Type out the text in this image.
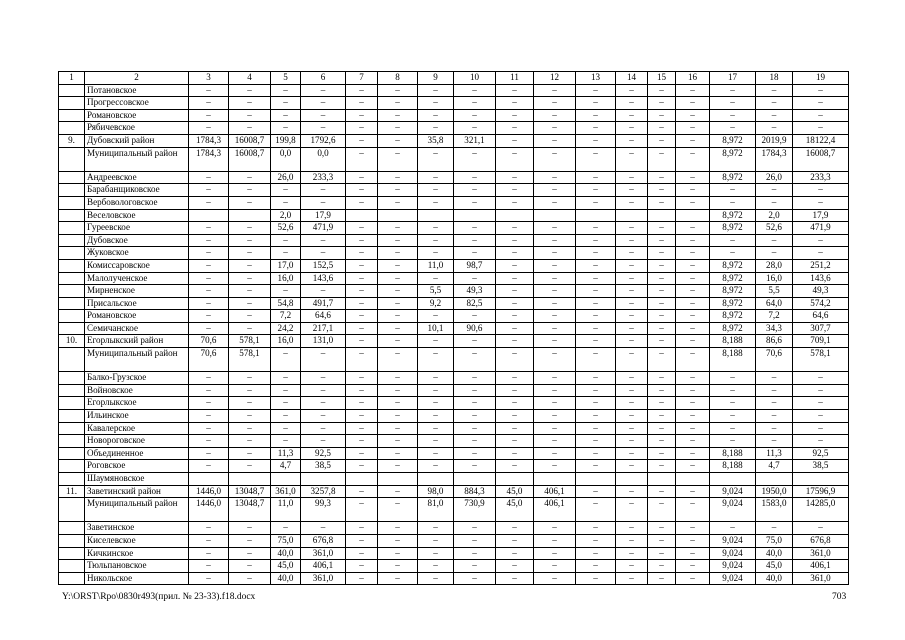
1	2	3	4	5	6	7	8	9	10	11	12	13	14	15	16	17	18	19
	Потановское	–	–	–	–	–	–	–	–	–	–	–	–	–	–	–	–	–
	Прогрессовское	–	–	–	–	–	–	–	–	–	–	–	–	–	–	–	–	–
	Романовское	–	–	–	–	–	–	–	–	–	–	–	–	–	–	–	–	–
	Рябичевское	–	–	–	–	–	–	–	–	–	–	–	–	–	–	–	–	–
9.	Дубовский район	1784,3	16008,7	199,8	1792,6	–	–	35,8	321,1	–	–	–	–	–	–	8,972	2019,9	18122,4
	Муниципальный район	1784,3	16008,7	0,0	0,0	–	–	–	–	–	–	–	–	–	–	8,972	1784,3	16008,7
	Андреевское	–	–	26,0	233,3	–	–	–	–	–	–	–	–	–	–	8,972	26,0	233,3
	Барабанщиковское	–	–	–	–	–	–	–	–	–	–	–	–	–	–	–	–	–
	Вербовологовское	–	–	–	–	–	–	–	–	–	–	–	–	–	–	–	–	–
	Веселовское			2,0	17,9											8,972	2,0	17,9
	Гуреевское	–	–	52,6	471,9	–	–	–	–	–	–	–	–	–	–	8,972	52,6	471,9
	Дубовское	–	–	–	–	–	–	–	–	–	–	–	–	–	–	–	–	–
	Жуковское	–	–	–	–	–	–	–	–	–	–	–	–	–	–	–	–	–
	Комиссаровское	–	–	17,0	152,5	–	–	11,0	98,7	–	–	–	–	–	–	8,972	28,0	251,2
	Малолученское	–	–	16,0	143,6	–	–	–	–	–	–	–	–	–	–	8,972	16,0	143,6
	Мирненское	–	–	–	–	–	–	5,5	49,3	–	–	–	–	–	–	8,972	5,5	49,3
	Присальское	–	–	54,8	491,7	–	–	9,2	82,5	–	–	–	–	–	–	8,972	64,0	574,2
	Романовское	–	–	7,2	64,6	–	–	–	–	–	–	–	–	–	–	8,972	7,2	64,6
	Семичанское	–	–	24,2	217,1	–	–	10,1	90,6	–	–	–	–	–	–	8,972	34,3	307,7
10.	Егорлыкский район	70,6	578,1	16,0	131,0	–	–	–	–	–	–	–	–	–	–	8,188	86,6	709,1
	Муниципальный район	70,6	578,1	–	–	–	–	–	–	–	–	–	–	–	–	8,188	70,6	578,1
	Балко-Грузское	–	–	–	–	–	–	–	–	–	–	–	–	–	–	–	–	–
	Войновское	–	–	–	–	–	–	–	–	–	–	–	–	–	–	–	–	–
	Егорлыкское	–	–	–	–	–	–	–	–	–	–	–	–	–	–	–	–	–
	Ильинское	–	–	–	–	–	–	–	–	–	–	–	–	–	–	–	–	–
	Кавалерское	–	–	–	–	–	–	–	–	–	–	–	–	–	–	–	–	–
	Новороговское	–	–	–	–	–	–	–	–	–	–	–	–	–	–	–	–	–
	Объединенное	–	–	11,3	92,5	–	–	–	–	–	–	–	–	–	–	8,188	11,3	92,5
	Роговское	–	–	4,7	38,5	–	–	–	–	–	–	–	–	–	–	8,188	4,7	38,5
	Шаумяновское																	
11.	Заветинский район	1446,0	13048,7	361,0	3257,8	–	–	98,0	884,3	45,0	406,1	–	–	–	–	9,024	1950,0	17596,9
	Муниципальный район	1446,0	13048,7	11,0	99,3	–	–	81,0	730,9	45,0	406,1	–	–	–	–	9,024	1583,0	14285,0
	Заветинское	–	–	–	–	–	–	–	–	–	–	–	–	–	–	–	–	–
	Киселевское	–	–	75,0	676,8	–	–	–	–	–	–	–	–	–	–	9,024	75,0	676,8
	Кичкинское	–	–	40,0	361,0	–	–	–	–	–	–	–	–	–	–	9,024	40,0	361,0
	Тюльпановское	–	–	45,0	406,1	–	–	–	–	–	–	–	–	–	–	9,024	45,0	406,1
	Никольское	–	–	40,0	361,0	–	–	–	–	–	–	–	–	–	–	9,024	40,0	361,0
Y:\ORST\Rpo\0830r493(прил. № 23-33).f18.docx	703
